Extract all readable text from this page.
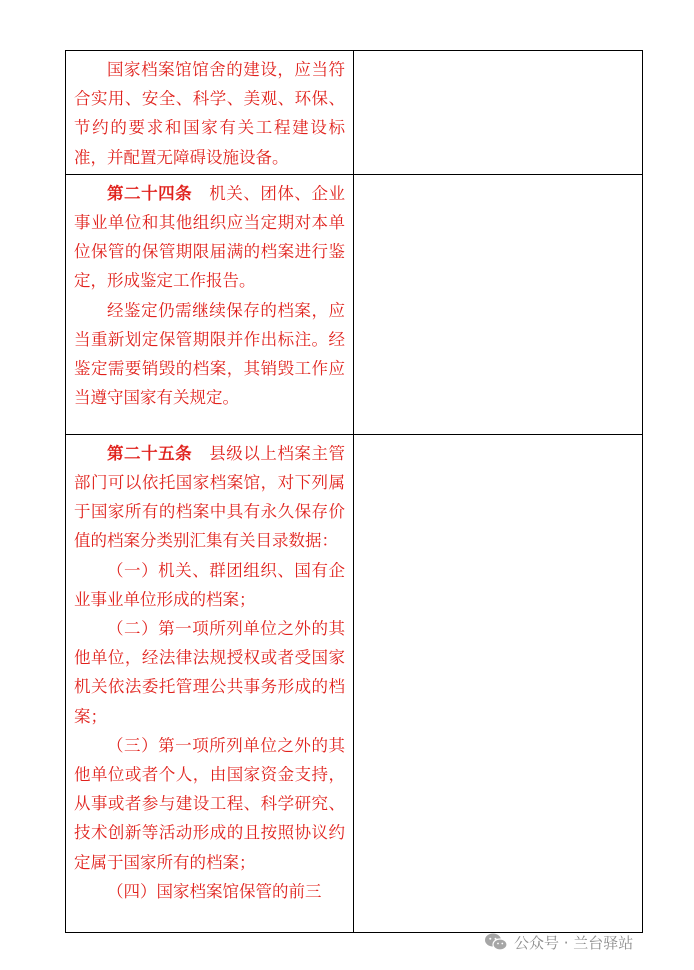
国家档案馆馆舍的建设，应当符合实用、安全、科学、美观、环保、节约的要求和国家有关工程建设标准，并配置无障碍设施设备。	

第二十四条　机关、团体、企业事业单位和其他组织应当定期对本单位保管的保管期限届满的档案进行鉴定，形成鉴定工作报告。

经鉴定仍需继续保存的档案，应当重新划定保管期限并作出标注。经鉴定需要销毁的档案，其销毁工作应当遵守国家有关规定。	

第二十五条　县级以上档案主管部门可以依托国家档案馆，对下列属于国家所有的档案中具有永久保存价值的档案分类别汇集有关目录数据：

（一）机关、群团组织、国有企业事业单位形成的档案；

（二）第一项所列单位之外的其他单位，经法律法规授权或者受国家机关依法委托管理公共事务形成的档案；

（三）第一项所列单位之外的其他单位或者个人，由国家资金支持，从事或者参与建设工程、科学研究、技术创新等活动形成的且按照协议约定属于国家所有的档案；

（四）国家档案馆保管的前三	

公众号 · 兰台驿站
